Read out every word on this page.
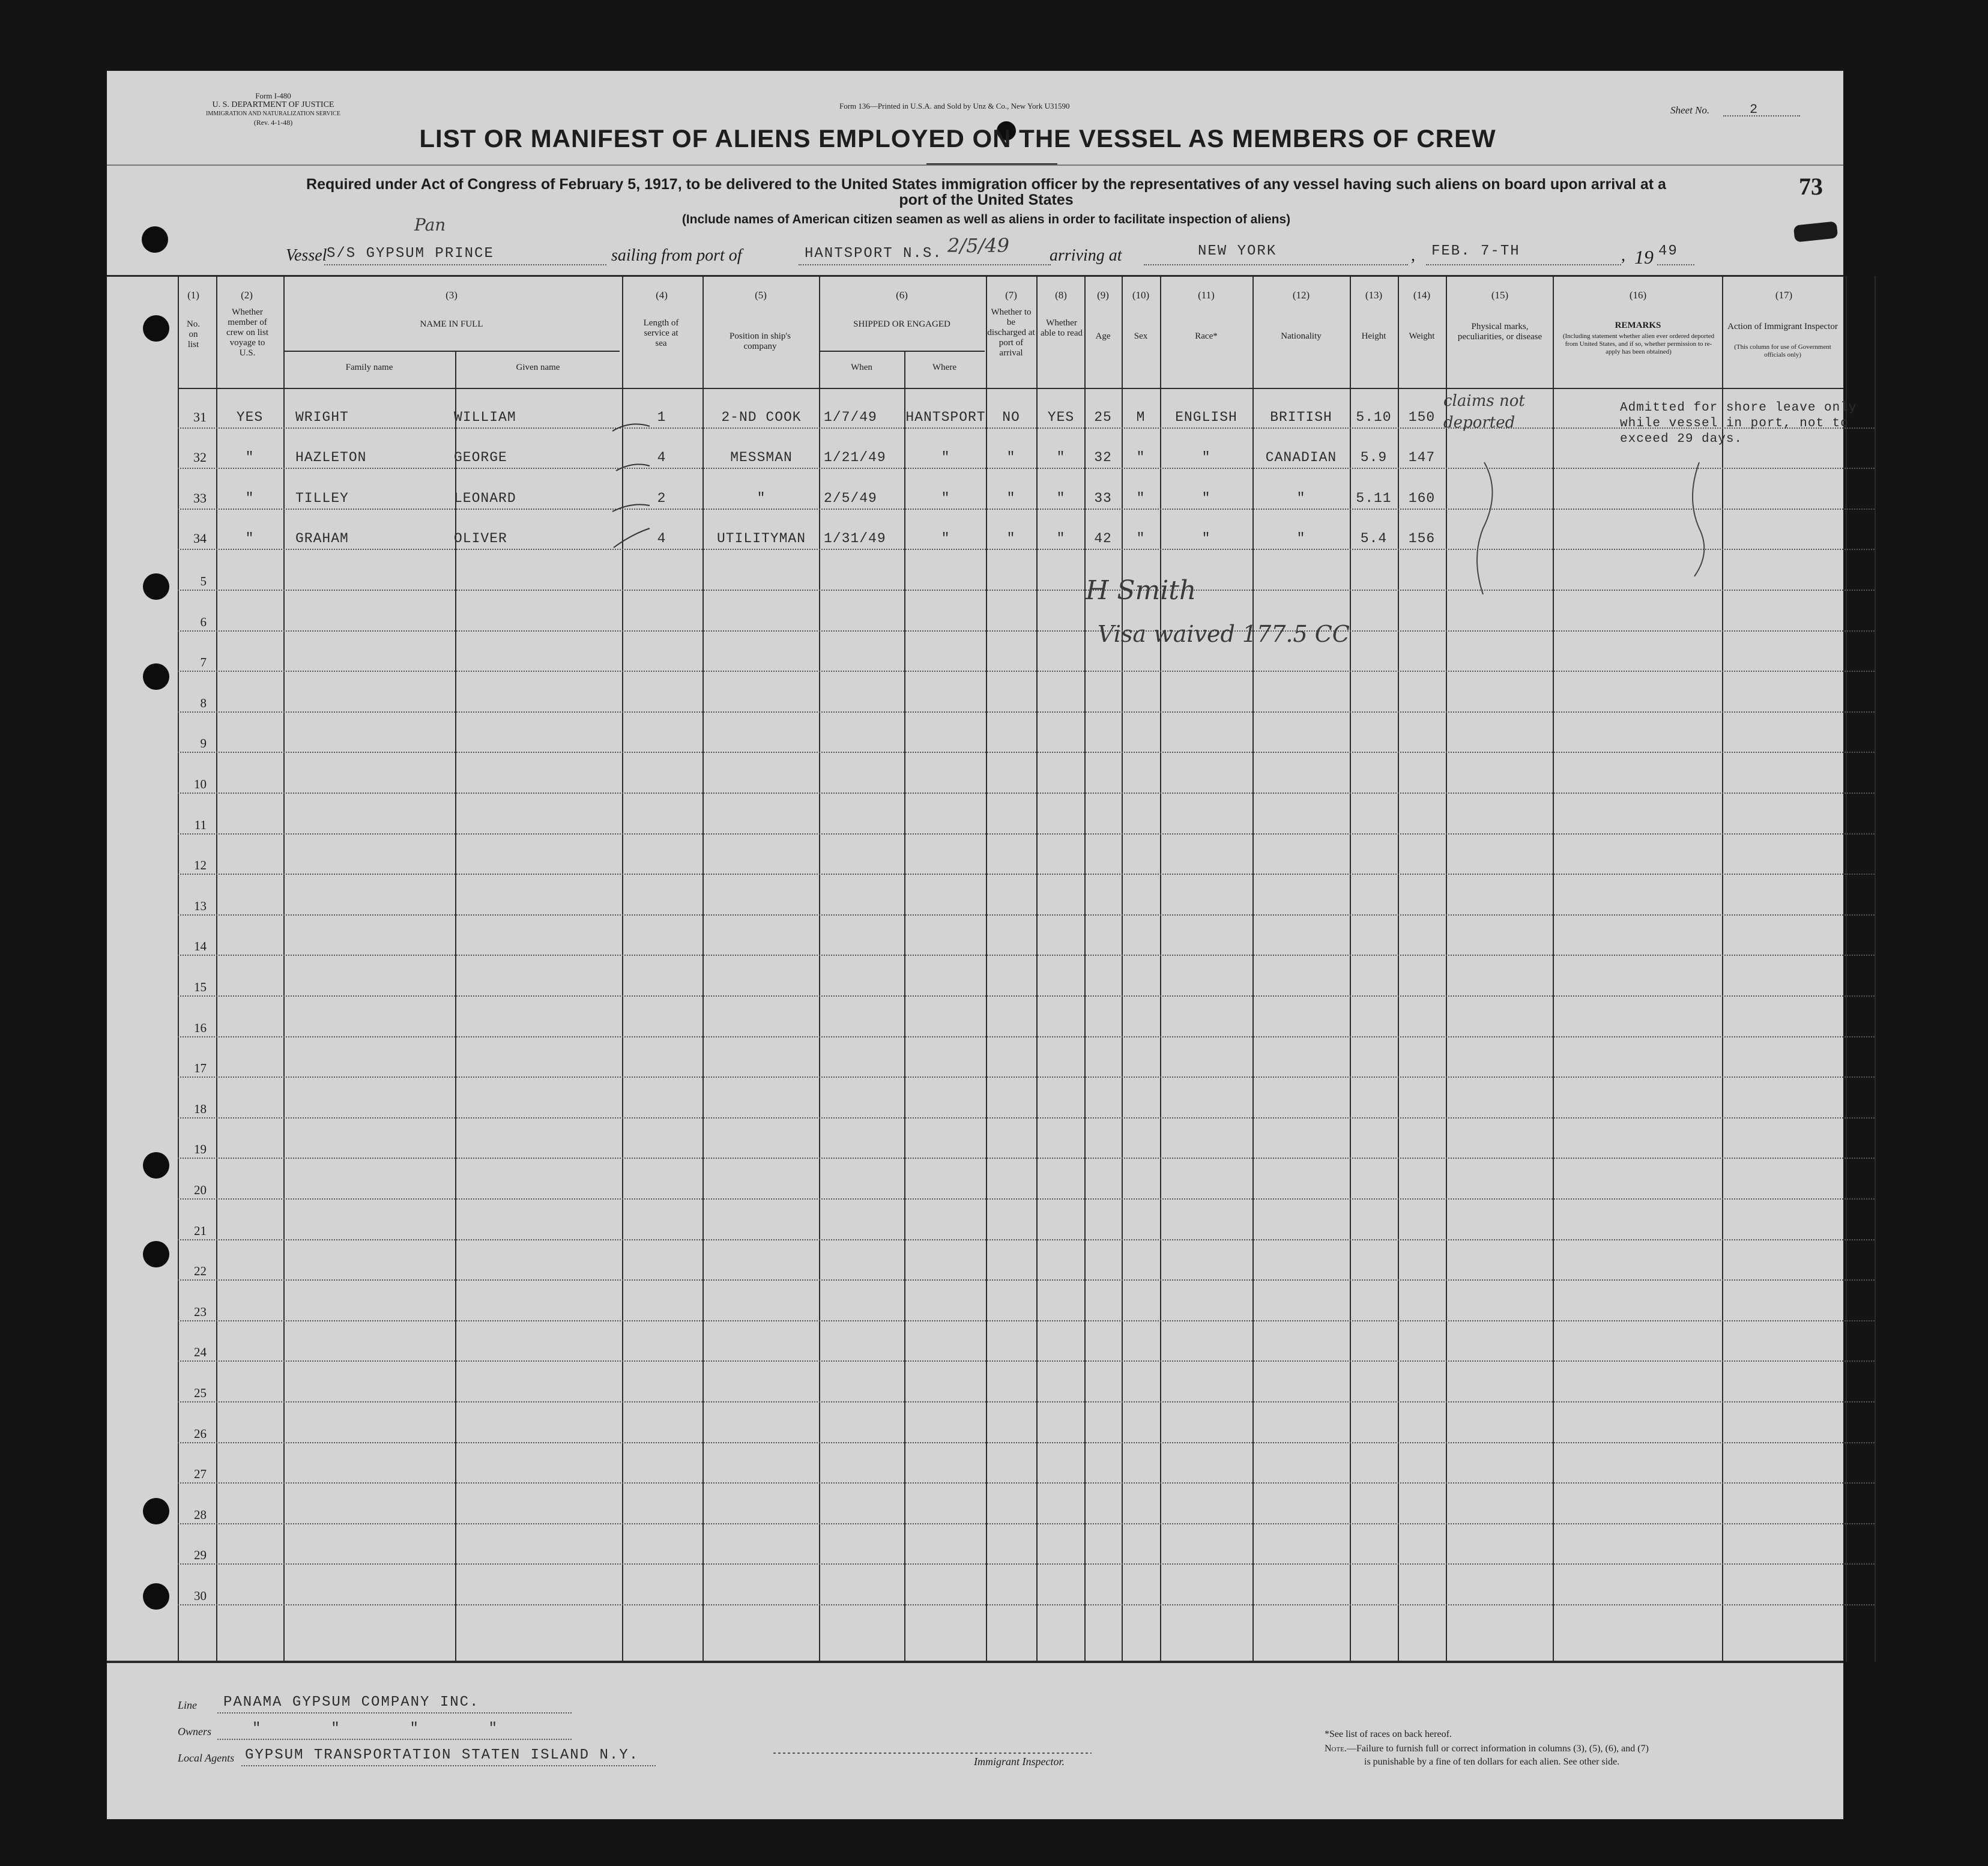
Form I-480
U. S. DEPARTMENT OF JUSTICE
IMMIGRATION AND NATURALIZATION SERVICE
(Rev. 4-1-48)
Form 136—Printed in U.S.A. and Sold by Unz & Co., New York U31590	Sheet No.	2
LIST OR MANIFEST OF ALIENS EMPLOYED ON THE VESSEL AS MEMBERS OF CREW
Required under Act of Congress of February 5, 1917, to be delivered to the United States immigration officer by the representatives of any vessel having such aliens on board upon arrival at a
port of the United States
(Include names of American citizen seamen as well as aliens in order to facilitate inspection of aliens)
73
Vessel S/S GYPSUM PRINCE
Pan
sailing from port of	HANTSPORT N.S. 2/5/49 arriving at	NEW YORK	, FEB. 7-TH	, 19 49
(1)
No. on list
(2)
Whether member of crew on list voyage to U.S.
(3)
NAME IN FULL
Family name	Given name
(4)
Length of service at sea
(5)
Position in ship's company
(6)
SHIPPED OR ENGAGED
When	Where
(7)
Whether to be discharged at port of arrival
(8)
Whether able to read
(9)
Age
(10)
Sex
(11)
Race*
(12)
Nationality
(13)
Height
(14)
Weight
(15)
Physical marks, peculiarities, or disease
(16)
REMARKS
(Including statement whether alien ever ordered deported from United States, and if so, whether permission to re-apply has been obtained)
(17)
Action of Immigrant Inspector
(This column for use of Government officials only)
31	YES	WRIGHT	WILLIAM	1	2-ND COOK	1/7/49	HANTSPORT	NO	YES	25	M	ENGLISH	BRITISH	5.10	150
32	"	HAZLETON	GEORGE	4	MESSMAN	1/21/49	"	"	"	32	"	"	CANADIAN	5.9	147
33	"	TILLEY	LEONARD	2	"	2/5/49	"	"	"	33	"	"	"	5.11	160
34	"	GRAHAM	OLIVER	4	UTILITYMAN	1/31/49	"	"	"	42	"	"	"	5.4	156
5
6
7
8
9
10
11
12
13
14
15
16
17
18
19
20
21
22
23
24
25
26
27
28
29
30
claims not deported
Admitted for shore leave only
while vessel in port, not to
exceed 29 days.
H Smith
Visa waived 177.5 CC
Line PANAMA GYPSUM COMPANY INC.
Owners	"       "       "       "
Local Agents GYPSUM TRANSPORTATION STATEN ISLAND N.Y.	Immigrant Inspector.
*See list of races on back hereof.
Note.—Failure to furnish full or correct information in columns (3), (5), (6), and (7)
is punishable by a fine of ten dollars for each alien. See other side.
